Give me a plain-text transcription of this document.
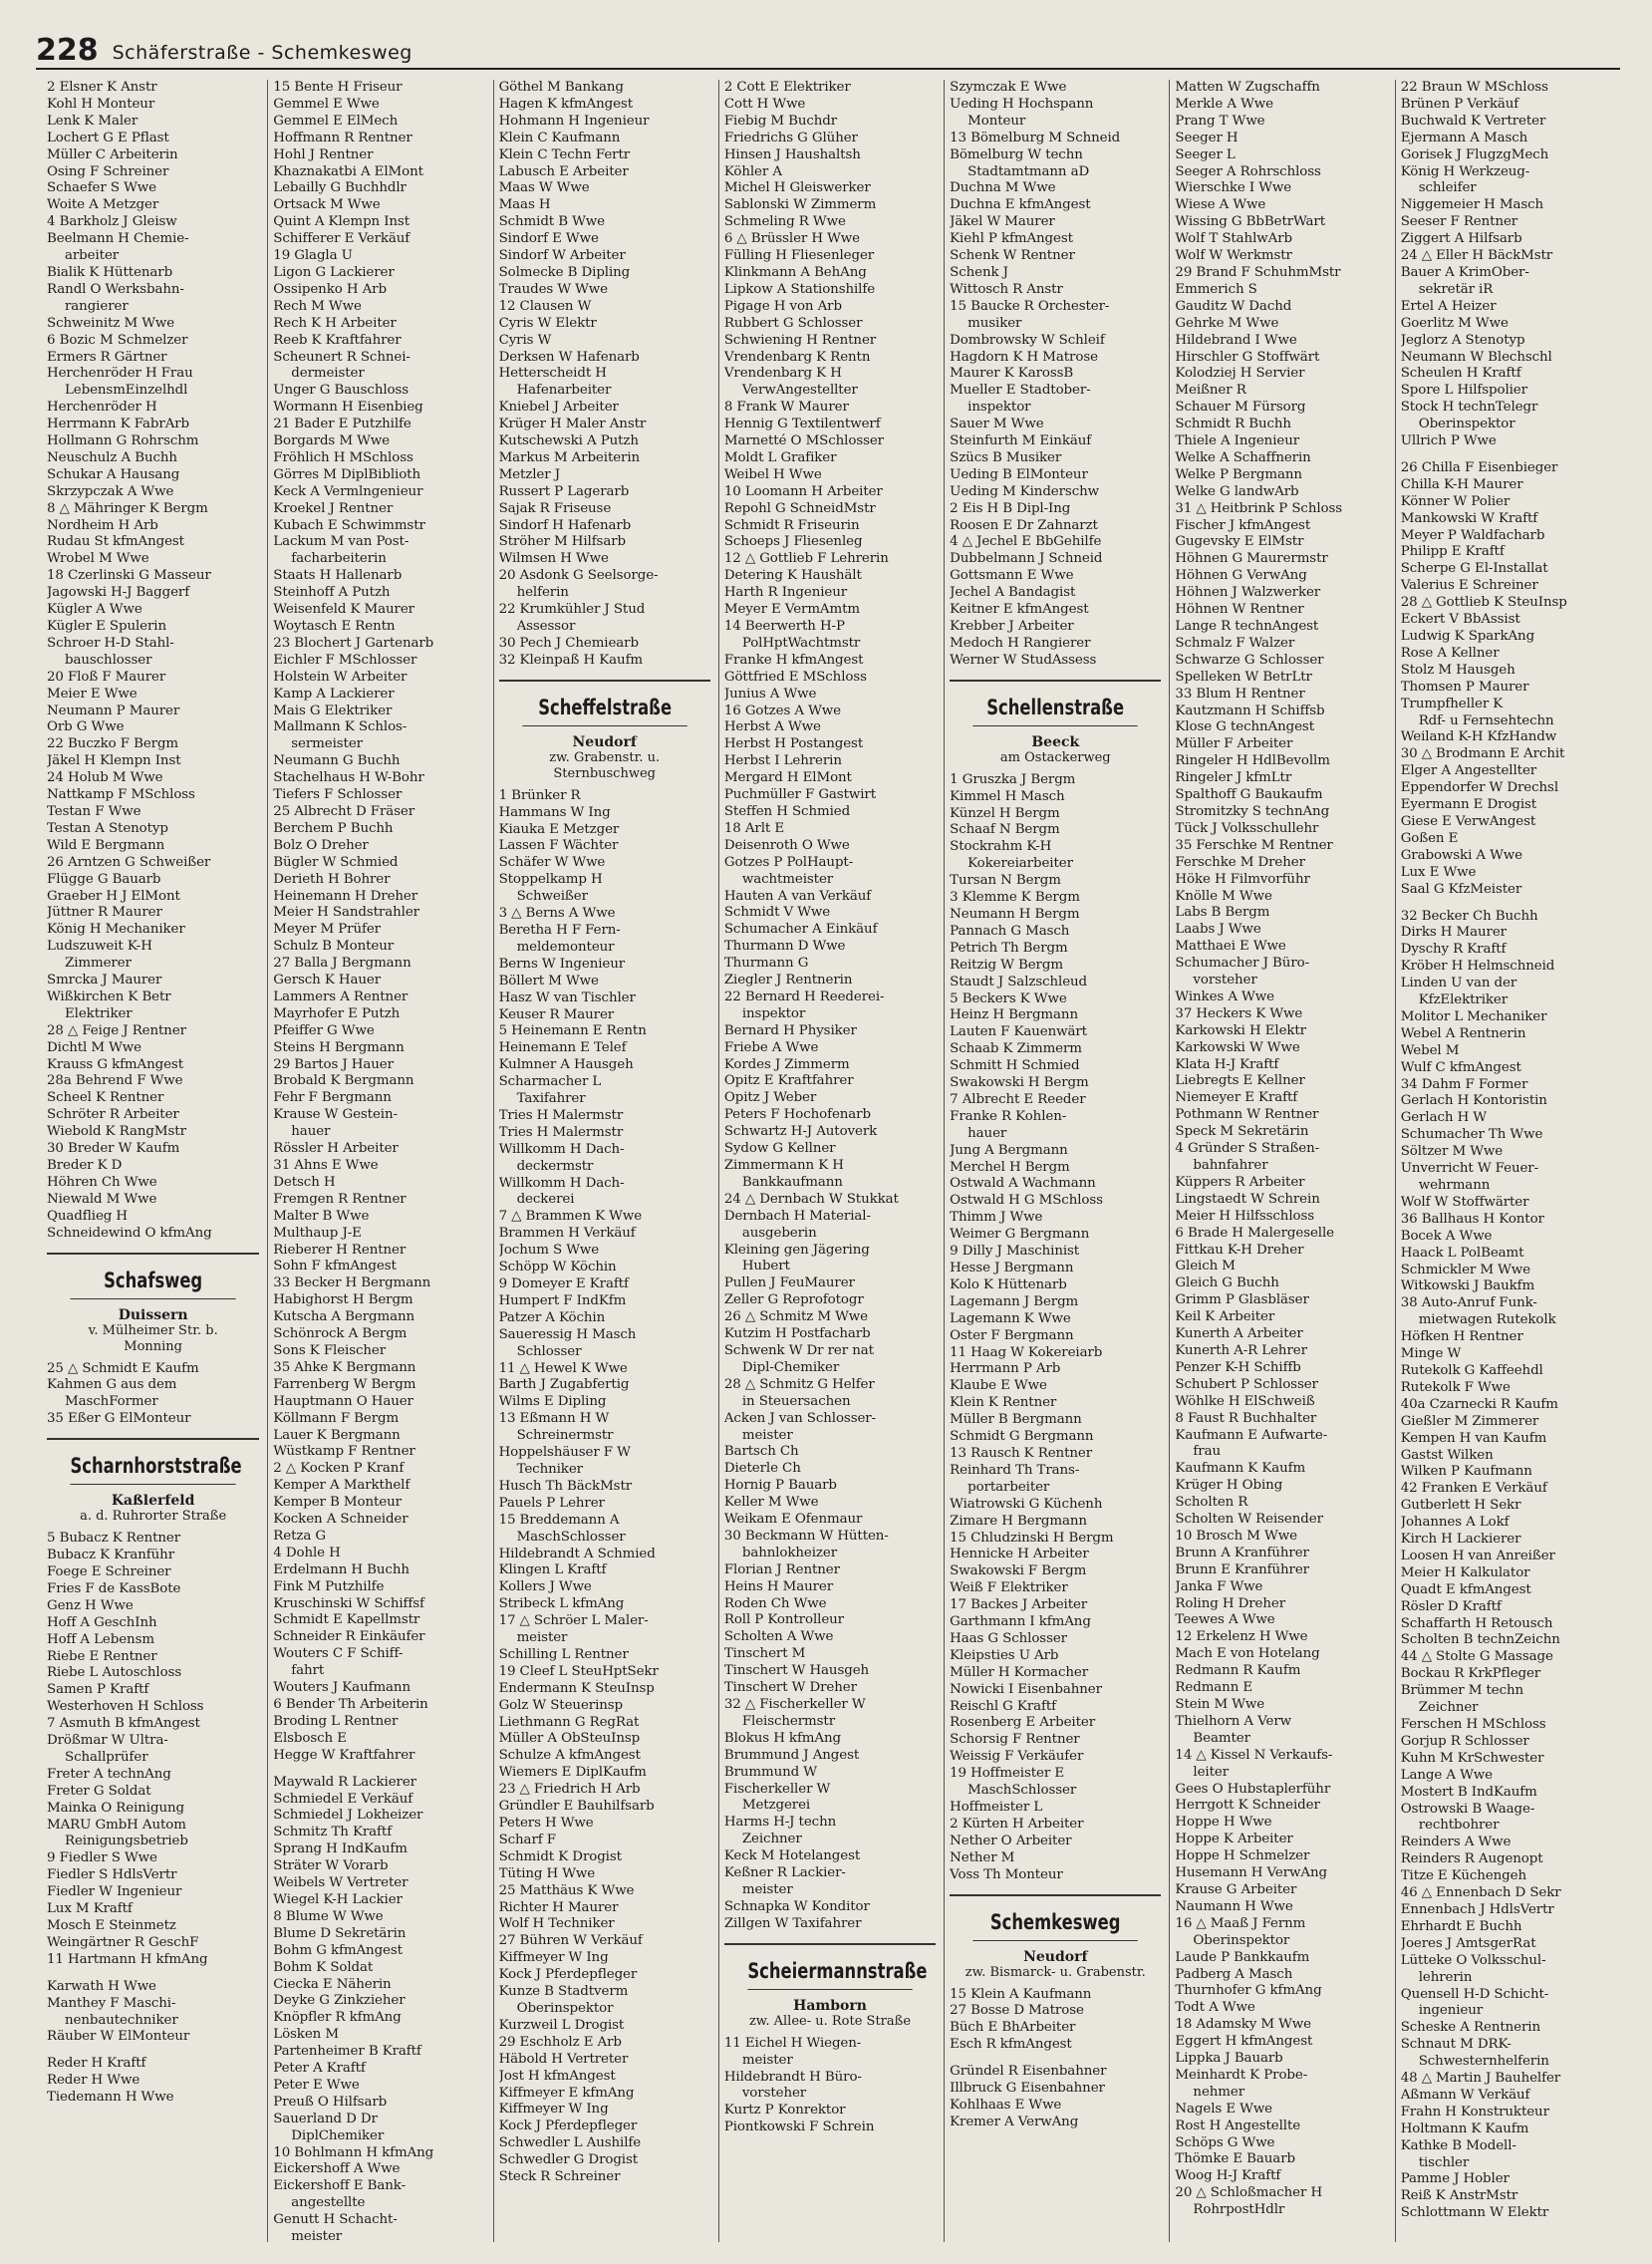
228 Schäferstraße - Schemkesweg
2 Elsner K Anstr
Kohl H Monteur
Lenk K Maler
Lochert G E Pflast
Müller C Arbeiterin
Osing F Schreiner
Schaefer S Wwe
Woite A Metzger
4 Barkholz J Gleisw
Beelmann H Chemie-
arbeiter
Bialik K Hüttenarb
Randl O Werksbahn-
rangierer
Schweinitz M Wwe
6 Bozic M Schmelzer
Ermers R Gärtner
Herchenröder H Frau
LebensmEinzelhdl
Herchenröder H
Herrmann K FabrArb
Hollmann G Rohrschm
Neuschulz A Buchh
Schukar A Hausang
Skrzypczak A Wwe
8 △ Mähringer K Bergm
Nordheim H Arb
Rudau St kfmAngest
Wrobel M Wwe
18 Czerlinski G Masseur
Jagowski H-J Baggerf
Kügler A Wwe
Kügler E Spulerin
Schroer H-D Stahl-
bauschlosser
20 Floß F Maurer
Meier E Wwe
Neumann P Maurer
Orb G Wwe
22 Buczko F Bergm
Jäkel H Klempn Inst
24 Holub M Wwe
Nattkamp F MSchloss
Testan F Wwe
Testan A Stenotyp
Wild E Bergmann
26 Arntzen G Schweißer
Flügge G Bauarb
Graeber H J ElMont
Jüttner R Maurer
König H Mechaniker
Ludszuweit K-H
Zimmerer
Smrcka J Maurer
Wißkirchen K Betr
Elektriker
28 △ Feige J Rentner
Dichtl M Wwe
Krauss G kfmAngest
28a Behrend F Wwe
Scheel K Rentner
Schröter R Arbeiter
Wiebold K RangMstr
30 Breder W Kaufm
Breder K D
Höhren Ch Wwe
Niewald M Wwe
Quadflieg H
Schneidewind O kfmAng
Schafsweg
Duissern
v. Mülheimer Str. b.
Monning
25 △ Schmidt E Kaufm
Kahmen G aus dem
MaschFormer
35 Eßer G ElMonteur
Scharnhorststraße
Kaßlerfeld
a. d. Ruhrorter Straße
5 Bubacz K Rentner
Bubacz K Kranführ
Foege E Schreiner
Fries F de KassBote
Genz H Wwe
Hoff A GeschInh
Hoff A Lebensm
Riebe E Rentner
Riebe L Autoschloss
Samen P Kraftf
Westerhoven H Schloss
7 Asmuth B kfmAngest
Drößmar W Ultra-
Schallprüfer
Freter A technAng
Freter G Soldat
Mainka O Reinigung
MARU GmbH Autom
Reinigungsbetrieb
9 Fiedler S Wwe
Fiedler S HdlsVertr
Fiedler W Ingenieur
Lux M Kraftf
Mosch E Steinmetz
Weingärtner R GeschF
11 Hartmann H kfmAng
Karwath H Wwe
Manthey F Maschi-
nenbautechniker
Räuber W ElMonteur
Reder H Kraftf
Reder H Wwe
Tiedemann H Wwe
15 Bente H Friseur
Gemmel E Wwe
Gemmel E ElMech
Hoffmann R Rentner
Hohl J Rentner
Khaznakatbi A ElMont
Lebailly G Buchhdlr
Ortsack M Wwe
Quint A Klempn Inst
Schifferer E Verkäuf
19 Glagla U
Ligon G Lackierer
Ossipenko H Arb
Rech M Wwe
Rech K H Arbeiter
Reeb K Kraftfahrer
Scheunert R Schnei-
dermeister
Unger G Bauschloss
Wormann H Eisenbieg
21 Bader E Putzhilfe
Borgards M Wwe
Fröhlich H MSchloss
Görres M DiplBiblioth
Keck A Vermlngenieur
Kroekel J Rentner
Kubach E Schwimmstr
Lackum M van Post-
facharbeiterin
Staats H Hallenarb
Steinhoff A Putzh
Weisenfeld K Maurer
Woytasch E Rentn
23 Blochert J Gartenarb
Eichler F MSchlosser
Holstein W Arbeiter
Kamp A Lackierer
Mais G Elektriker
Mallmann K Schlos-
sermeister
Neumann G Buchh
Stachelhaus H W-Bohr
Tiefers F Schlosser
25 Albrecht D Fräser
Berchem P Buchh
Bolz O Dreher
Bügler W Schmied
Derieth H Bohrer
Heinemann H Dreher
Meier H Sandstrahler
Meyer M Prüfer
Schulz B Monteur
27 Balla J Bergmann
Gersch K Hauer
Lammers A Rentner
Mayrhofer E Putzh
Pfeiffer G Wwe
Steins H Bergmann
29 Bartos J Hauer
Brobald K Bergmann
Fehr F Bergmann
Krause W Gestein-
hauer
Rössler H Arbeiter
31 Ahns E Wwe
Detsch H
Fremgen R Rentner
Malter B Wwe
Multhaup J-E
Rieberer H Rentner
Sohn F kfmAngest
33 Becker H Bergmann
Habighorst H Bergm
Kutscha A Bergmann
Schönrock A Bergm
Sons K Fleischer
35 Ahke K Bergmann
Farrenberg W Bergm
Hauptmann O Hauer
Köllmann F Bergm
Lauer K Bergmann
Wüstkamp F Rentner
2 △ Kocken P Kranf
Kemper A Markthelf
Kemper B Monteur
Kocken A Schneider
Retza G
4 Dohle H
Erdelmann H Buchh
Fink M Putzhilfe
Kruschinski W Schiffsf
Schmidt E Kapellmstr
Schneider R Einkäufer
Wouters C F Schiff-
fahrt
Wouters J Kaufmann
6 Bender Th Arbeiterin
Broding L Rentner
Elsbosch E
Hegge W Kraftfahrer
Maywald R Lackierer
Schmiedel E Verkäuf
Schmiedel J Lokheizer
Schmitz Th Kraftf
Sprang H IndKaufm
Sträter W Vorarb
Weibels W Vertreter
Wiegel K-H Lackier
8 Blume W Wwe
Blume D Sekretärin
Bohm G kfmAngest
Bohm K Soldat
Ciecka E Näherin
Deyke G Zinkzieher
Knöpfler R kfmAng
Lösken M
Partenheimer B Kraftf
Peter A Kraftf
Peter E Wwe
Preuß O Hilfsarb
Sauerland D Dr
DiplChemiker
10 Bohlmann H kfmAng
Eickershoff A Wwe
Eickershoff E Bank-
angestellte
Genutt H Schacht-
meister
Göthel M Bankang
Hagen K kfmAngest
Hohmann H Ingenieur
Klein C Kaufmann
Klein C Techn Fertr
Labusch E Arbeiter
Maas W Wwe
Maas H
Schmidt B Wwe
Sindorf E Wwe
Sindorf W Arbeiter
Solmecke B Dipling
Traudes W Wwe
12 Clausen W
Cyris W Elektr
Cyris W
Derksen W Hafenarb
Hetterscheidt H
Hafenarbeiter
Kniebel J Arbeiter
Krüger H Maler Anstr
Kutschewski A Putzh
Markus M Arbeiterin
Metzler J
Russert P Lagerarb
Sajak R Friseuse
Sindorf H Hafenarb
Ströher M Hilfsarb
Wilmsen H Wwe
20 Asdonk G Seelsorge-
helferin
22 Krumkühler J Stud
Assessor
30 Pech J Chemiearb
32 Kleinpaß H Kaufm
Scheffelstraße
Neudorf
zw. Grabenstr. u.
Sternbuschweg
1 Brünker R
Hammans W Ing
Kiauka E Metzger
Lassen F Wächter
Schäfer W Wwe
Stoppelkamp H
Schweißer
3 △ Berns A Wwe
Beretha H F Fern-
meldemonteur
Berns W Ingenieur
Böllert M Wwe
Hasz W van Tischler
Keuser R Maurer
5 Heinemann E Rentn
Heinemann E Telef
Kulmner A Hausgeh
Scharmacher L
Taxifahrer
Tries H Malermstr
Tries H Malermstr
Willkomm H Dach-
deckermstr
Willkomm H Dach-
deckerei
7 △ Brammen K Wwe
Brammen H Verkäuf
Jochum S Wwe
Schöpp W Köchin
9 Domeyer E Kraftf
Humpert F IndKfm
Patzer A Köchin
Saueressig H Masch
Schlosser
11 △ Hewel K Wwe
Barth J Zugabfertig
Wilms E Dipling
13 Eßmann H W
Schreinermstr
Hoppelshäuser F W
Techniker
Husch Th BäckMstr
Pauels P Lehrer
15 Breddemann A
MaschSchlosser
Hildebrandt A Schmied
Klingen L Kraftf
Kollers J Wwe
Stribeck L kfmAng
17 △ Schröer L Maler-
meister
Schilling L Rentner
19 Cleef L SteuHptSekr
Endermann K SteuInsp
Golz W Steuerinsp
Liethmann G RegRat
Müller A ObSteuInsp
Schulze A kfmAngest
Wiemers E DiplKaufm
23 △ Friedrich H Arb
Gründler E Bauhilfsarb
Peters H Wwe
Scharf F
Schmidt K Drogist
Tüting H Wwe
25 Matthäus K Wwe
Richter H Maurer
Wolf H Techniker
27 Bühren W Verkäuf
Kiffmeyer W Ing
Kock J Pferdepfleger
Kunze B Stadtverm
Oberinspektor
Kurzweil L Drogist
29 Eschholz E Arb
Häbold H Vertreter
Jost H kfmAngest
Kiffmeyer E kfmAng
Kiffmeyer W Ing
Kock J Pferdepfleger
Schwedler L Aushilfe
Schwedler G Drogist
Steck R Schreiner
2 Cott E Elektriker
Cott H Wwe
Fiebig M Buchdr
Friedrichs G Glüher
Hinsen J Haushaltsh
Köhler A
Michel H Gleiswerker
Sablonski W Zimmerm
Schmeling R Wwe
6 △ Brüssler H Wwe
Fülling H Fliesenleger
Klinkmann A BehAng
Lipkow A Stationshilfe
Pigage H von Arb
Rubbert G Schlosser
Schwiening H Rentner
Vrendenbarg K Rentn
Vrendenbarg K H
VerwAngestellter
8 Frank W Maurer
Hennig G Textilentwerf
Marnetté O MSchlosser
Moldt L Grafiker
Weibel H Wwe
10 Loomann H Arbeiter
Repohl G SchneidMstr
Schmidt R Friseurin
Schoeps J Fliesenleg
12 △ Gottlieb F Lehrerin
Detering K Haushält
Harth R Ingenieur
Meyer E VermAmtm
14 Beerwerth H-P
PolHptWachtmstr
Franke H kfmAngest
Göttfried E MSchloss
Junius A Wwe
16 Gotzes A Wwe
Herbst A Wwe
Herbst H Postangest
Herbst I Lehrerin
Mergard H ElMont
Puchmüller F Gastwirt
Steffen H Schmied
18 Arlt E
Deisenroth O Wwe
Gotzes P PolHaupt-
wachtmeister
Hauten A van Verkäuf
Schmidt V Wwe
Schumacher A Einkäuf
Thurmann D Wwe
Thurmann G
Ziegler J Rentnerin
22 Bernard H Reederei-
inspektor
Bernard H Physiker
Friebe A Wwe
Kordes J Zimmerm
Opitz E Kraftfahrer
Opitz J Weber
Peters F Hochofenarb
Schwartz H-J Autoverk
Sydow G Kellner
Zimmermann K H
Bankkaufmann
24 △ Dernbach W Stukkat
Dernbach H Material-
ausgeberin
Kleining gen Jägering
Hubert
Pullen J FeuMaurer
Zeller G Reprofotogr
26 △ Schmitz M Wwe
Kutzim H Postfacharb
Schwenk W Dr rer nat
Dipl-Chemiker
28 △ Schmitz G Helfer
in Steuersachen
Acken J van Schlosser-
meister
Bartsch Ch
Dieterle Ch
Hornig P Bauarb
Keller M Wwe
Weikam E Ofenmaur
30 Beckmann W Hütten-
bahnlokheizer
Florian J Rentner
Heins H Maurer
Roden Ch Wwe
Roll P Kontrolleur
Scholten A Wwe
Tinschert M
Tinschert W Hausgeh
Tinschert W Dreher
32 △ Fischerkeller W
Fleischermstr
Blokus H kfmAng
Brummund J Angest
Brummund W
Fischerkeller W
Metzgerei
Harms H-J techn
Zeichner
Keck M Hotelangest
Keßner R Lackier-
meister
Schnapka W Konditor
Zillgen W Taxifahrer
Scheiermannstraße
Hamborn
zw. Allee- u. Rote Straße
11 Eichel H Wiegen-
meister
Hildebrandt H Büro-
vorsteher
Kurtz P Konrektor
Piontkowski F Schrein
Szymczak E Wwe
Ueding H Hochspann
Monteur
13 Bömelburg M Schneid
Bömelburg W techn
Stadtamtmann aD
Duchna M Wwe
Duchna E kfmAngest
Jäkel W Maurer
Kiehl P kfmAngest
Schenk W Rentner
Schenk J
Wittosch R Anstr
15 Baucke R Orchester-
musiker
Dombrowsky W Schleif
Hagdorn K H Matrose
Maurer K KarossB
Mueller E Stadtober-
inspektor
Sauer M Wwe
Steinfurth M Einkäuf
Szücs B Musiker
Ueding B ElMonteur
Ueding M Kinderschw
2 Eis H B Dipl-Ing
Roosen E Dr Zahnarzt
4 △ Jechel E BbGehilfe
Dubbelmann J Schneid
Gottsmann E Wwe
Jechel A Bandagist
Keitner E kfmAngest
Krebber J Arbeiter
Medoch H Rangierer
Werner W StudAssess
Schellenstraße
Beeck
am Ostackerweg
1 Gruszka J Bergm
Kimmel H Masch
Künzel H Bergm
Schaaf N Bergm
Stockrahm K-H
Kokereiarbeiter
Tursan N Bergm
3 Klemme K Bergm
Neumann H Bergm
Pannach G Masch
Petrich Th Bergm
Reitzig W Bergm
Staudt J Salzschleud
5 Beckers K Wwe
Heinz H Bergmann
Lauten F Kauenwärt
Schaab K Zimmerm
Schmitt H Schmied
Swakowski H Bergm
7 Albrecht E Reeder
Franke R Kohlen-
hauer
Jung A Bergmann
Merchel H Bergm
Ostwald A Wachmann
Ostwald H G MSchloss
Thimm J Wwe
Weimer G Bergmann
9 Dilly J Maschinist
Hesse J Bergmann
Kolo K Hüttenarb
Lagemann J Bergm
Lagemann K Wwe
Oster F Bergmann
11 Haag W Kokereiarb
Herrmann P Arb
Klaube E Wwe
Klein K Rentner
Müller B Bergmann
Schmidt G Bergmann
13 Rausch K Rentner
Reinhard Th Trans-
portarbeiter
Wiatrowski G Küchenh
Zimare H Bergmann
15 Chludzinski H Bergm
Hennicke H Arbeiter
Swakowski F Bergm
Weiß F Elektriker
17 Backes J Arbeiter
Garthmann I kfmAng
Haas G Schlosser
Kleipsties U Arb
Müller H Kormacher
Nowicki I Eisenbahner
Reischl G Kraftf
Rosenberg E Arbeiter
Schorsig F Rentner
Weissig F Verkäufer
19 Hoffmeister E
MaschSchlosser
Hoffmeister L
2 Kürten H Arbeiter
Nether O Arbeiter
Nether M
Voss Th Monteur
Schemkesweg
Neudorf
zw. Bismarck- u. Grabenstr.
15 Klein A Kaufmann
27 Bosse D Matrose
Büch E BhArbeiter
Esch R kfmAngest
Gründel R Eisenbahner
Illbruck G Eisenbahner
Kohlhaas E Wwe
Kremer A VerwAng
Matten W Zugschaffn
Merkle A Wwe
Prang T Wwe
Seeger H
Seeger L
Seeger A Rohrschloss
Wierschke I Wwe
Wiese A Wwe
Wissing G BbBetrWart
Wolf T StahlwArb
Wolf W Werkmstr
29 Brand F SchuhmMstr
Emmerich S
Gauditz W Dachd
Gehrke M Wwe
Hildebrand I Wwe
Hirschler G Stoffwärt
Kolodziej H Servier
Meißner R
Schauer M Fürsorg
Schmidt R Buchh
Thiele A Ingenieur
Welke A Schaffnerin
Welke P Bergmann
Welke G landwArb
31 △ Heitbrink P Schloss
Fischer J kfmAngest
Gugevsky E ElMstr
Höhnen G Maurermstr
Höhnen G VerwAng
Höhnen J Walzwerker
Höhnen W Rentner
Lange R technAngest
Schmalz F Walzer
Schwarze G Schlosser
Spelleken W BetrLtr
33 Blum H Rentner
Kautzmann H Schiffsb
Klose G technAngest
Müller F Arbeiter
Ringeler H HdlBevollm
Ringeler J kfmLtr
Spalthoff G Baukaufm
Stromitzky S technAng
Tück J Volksschullehr
35 Ferschke M Rentner
Ferschke M Dreher
Höke H Filmvorführ
Knölle M Wwe
Labs B Bergm
Laabs J Wwe
Matthaei E Wwe
Schumacher J Büro-
vorsteher
Winkes A Wwe
37 Heckers K Wwe
Karkowski H Elektr
Karkowski W Wwe
Klata H-J Kraftf
Liebregts E Kellner
Niemeyer E Kraftf
Pothmann W Rentner
Speck M Sekretärin
4 Gründer S Straßen-
bahnfahrer
Küppers R Arbeiter
Lingstaedt W Schrein
Meier H Hilfsschloss
6 Brade H Malergeselle
Fittkau K-H Dreher
Gleich M
Gleich G Buchh
Grimm P Glasbläser
Keil K Arbeiter
Kunerth A Arbeiter
Kunerth A-R Lehrer
Penzer K-H Schiffb
Schubert P Schlosser
Wöhlke H ElSchweiß
8 Faust R Buchhalter
Kaufmann E Aufwarte-
frau
Kaufmann K Kaufm
Krüger H Obing
Scholten R
Scholten W Reisender
10 Brosch M Wwe
Brunn A Kranführer
Brunn E Kranführer
Janka F Wwe
Roling H Dreher
Teewes A Wwe
12 Erkelenz H Wwe
Mach E von Hotelang
Redmann R Kaufm
Redmann E
Stein M Wwe
Thielhorn A Verw
Beamter
14 △ Kissel N Verkaufs-
leiter
Gees O Hubstaplerführ
Herrgott K Schneider
Hoppe H Wwe
Hoppe K Arbeiter
Hoppe H Schmelzer
Husemann H VerwAng
Krause G Arbeiter
Naumann H Wwe
16 △ Maaß J Fernm
Oberinspektor
Laude P Bankkaufm
Padberg A Masch
Thurnhofer G kfmAng
Todt A Wwe
18 Adamsky M Wwe
Eggert H kfmAngest
Lippka J Bauarb
Meinhardt K Probe-
nehmer
Nagels E Wwe
Rost H Angestellte
Schöps G Wwe
Thömke E Bauarb
Woog H-J Kraftf
20 △ Schloßmacher H
RohrpostHdlr
22 Braun W MSchloss
Brünen P Verkäuf
Buchwald K Vertreter
Ejermann A Masch
Gorisek J FlugzgMech
König H Werkzeug-
schleifer
Niggemeier H Masch
Seeser F Rentner
Ziggert A Hilfsarb
24 △ Eller H BäckMstr
Bauer A KrimOber-
sekretär iR
Ertel A Heizer
Goerlitz M Wwe
Jeglorz A Stenotyp
Neumann W Blechschl
Scheulen H Kraftf
Spore L Hilfspolier
Stock H technTelegr
Oberinspektor
Ullrich P Wwe
26 Chilla F Eisenbieger
Chilla K-H Maurer
Könner W Polier
Mankowski W Kraftf
Meyer P Waldfacharb
Philipp E Kraftf
Scherpe G El-Installat
Valerius E Schreiner
28 △ Gottlieb K SteuInsp
Eckert V BbAssist
Ludwig K SparkAng
Rose A Kellner
Stolz M Hausgeh
Thomsen P Maurer
Trumpfheller K
Rdf- u Fernsehtechn
Weiland K-H KfzHandw
30 △ Brodmann E Archit
Elger A Angestellter
Eppendorfer W Drechsl
Eyermann E Drogist
Giese E VerwAngest
Goßen E
Grabowski A Wwe
Lux E Wwe
Saal G KfzMeister
32 Becker Ch Buchh
Dirks H Maurer
Dyschy R Kraftf
Kröber H Helmschneid
Linden U van der
KfzElektriker
Molitor L Mechaniker
Webel A Rentnerin
Webel M
Wulf C kfmAngest
34 Dahm F Former
Gerlach H Kontoristin
Gerlach H W
Schumacher Th Wwe
Söltzer M Wwe
Unverricht W Feuer-
wehrmann
Wolf W Stoffwärter
36 Ballhaus H Kontor
Bocek A Wwe
Haack L PolBeamt
Schmickler M Wwe
Witkowski J Baukfm
38 Auto-Anruf Funk-
mietwagen Rutekolk
Höfken H Rentner
Minge W
Rutekolk G Kaffeehdl
Rutekolk F Wwe
40a Czarnecki R Kaufm
Gießler M Zimmerer
Kempen H van Kaufm
Gastst Wilken
Wilken P Kaufmann
42 Franken E Verkäuf
Gutberlett H Sekr
Johannes A Lokf
Kirch H Lackierer
Loosen H van Anreißer
Meier H Kalkulator
Quadt E kfmAngest
Rösler D Kraftf
Schaffarth H Retousch
Scholten B technZeichn
44 △ Stolte G Massage
Bockau R KrkPfleger
Brümmer M techn
Zeichner
Ferschen H MSchloss
Gorjup R Schlosser
Kuhn M KrSchwester
Lange A Wwe
Mostert B IndKaufm
Ostrowski B Waage-
rechtbohrer
Reinders A Wwe
Reinders R Augenopt
Titze E Küchengeh
46 △ Ennenbach D Sekr
Ennenbach J HdlsVertr
Ehrhardt E Buchh
Joeres J AmtsgerRat
Lütteke O Volksschul-
lehrerin
Quensell H-D Schicht-
ingenieur
Scheske A Rentnerin
Schnaut M DRK-
Schwesternhelferin
48 △ Martin J Bauhelfer
Aßmann W Verkäuf
Frahn H Konstrukteur
Holtmann K Kaufm
Kathke B Modell-
tischler
Pamme J Hobler
Reiß K AnstrMstr
Schlottmann W Elektr
